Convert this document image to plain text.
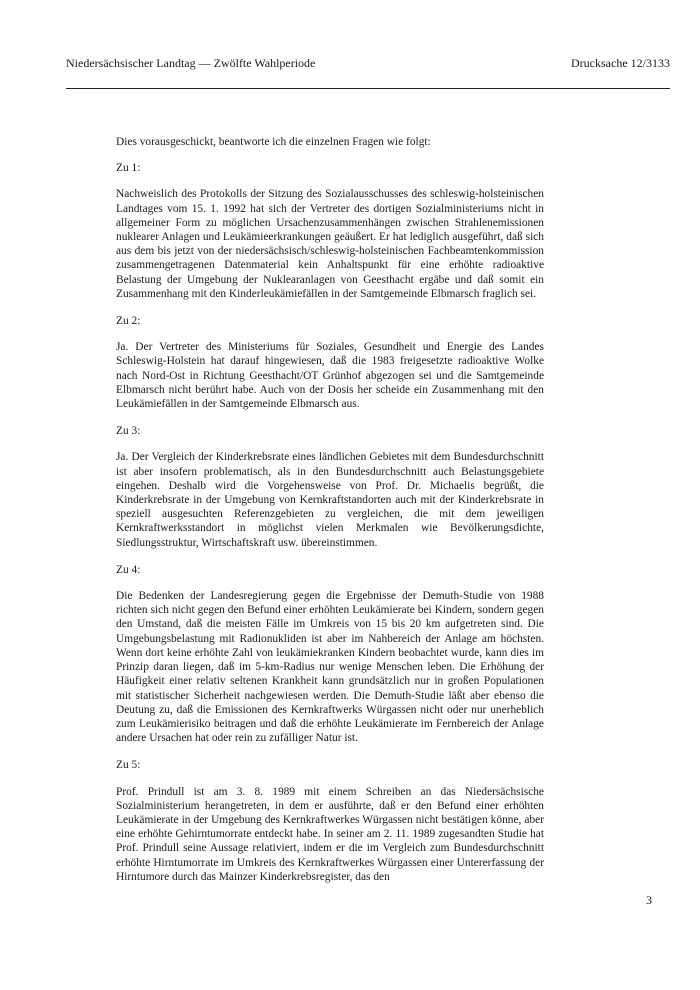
Niedersächsischer Landtag — Zwölfte Wahlperiode	Drucksache 12/3133

Dies vorausgeschickt, beantworte ich die einzelnen Fragen wie folgt:

Zu 1:

Nachweislich des Protokolls der Sitzung des Sozialausschusses des schleswig-holsteinischen Landtages vom 15. 1. 1992 hat sich der Vertreter des dortigen Sozialministeriums nicht in allgemeiner Form zu möglichen Ursachenzusammenhängen zwischen Strahlenemissionen nuklearer Anlagen und Leukämieerkrankungen geäußert. Er hat lediglich ausgeführt, daß sich aus dem bis jetzt von der niedersächsisch/schleswig-holsteinischen Fachbeamtenkommission zusammengetragenen Datenmaterial kein Anhaltspunkt für eine erhöhte radioaktive Belastung der Umgebung der Nuklearanlagen von Geesthacht ergäbe und daß somit ein Zusammenhang mit den Kinderleukämiefällen in der Samtgemeinde Elbmarsch fraglich sei.

Zu 2:

Ja. Der Vertreter des Ministeriums für Soziales, Gesundheit und Energie des Landes Schleswig-Holstein hat darauf hingewiesen, daß die 1983 freigesetzte radioaktive Wolke nach Nord-Ost in Richtung Geesthacht/OT Grünhof abgezogen sei und die Samtgemeinde Elbmarsch nicht berührt habe. Auch von der Dosis her scheide ein Zusammenhang mit den Leukämiefällen in der Samtgemeinde Elbmarsch aus.

Zu 3:

Ja. Der Vergleich der Kinderkrebsrate eines ländlichen Gebietes mit dem Bundesdurchschnitt ist aber insofern problematisch, als in den Bundesdurchschnitt auch Belastungsgebiete eingehen. Deshalb wird die Vorgehensweise von Prof. Dr. Michaelis begrüßt, die Kinderkrebsrate in der Umgebung von Kernkraftstandorten auch mit der Kinderkrebsrate in speziell ausgesuchten Referenzgebieten zu vergleichen, die mit dem jeweiligen Kernkraftwerksstandort in möglichst vielen Merkmalen wie Bevölkerungsdichte, Siedlungsstruktur, Wirtschaftskraft usw. übereinstimmen.

Zu 4:

Die Bedenken der Landesregierung gegen die Ergebnisse der Demuth-Studie von 1988 richten sich nicht gegen den Befund einer erhöhten Leukämierate bei Kindern, sondern gegen den Umstand, daß die meisten Fälle im Umkreis von 15 bis 20 km aufgetreten sind. Die Umgebungsbelastung mit Radionukliden ist aber im Nahbereich der Anlage am höchsten. Wenn dort keine erhöhte Zahl von leukämiekranken Kindern beobachtet wurde, kann dies im Prinzip daran liegen, daß im 5-km-Radius nur wenige Menschen leben. Die Erhöhung der Häufigkeit einer relativ seltenen Krankheit kann grundsätzlich nur in großen Populationen mit statistischer Sicherheit nachgewiesen werden. Die Demuth-Studie läßt aber ebenso die Deutung zu, daß die Emissionen des Kernkraftwerks Würgassen nicht oder nur unerheblich zum Leukämierisiko beitragen und daß die erhöhte Leukämierate im Fernbereich der Anlage andere Ursachen hat oder rein zu zufälliger Natur ist.

Zu 5:

Prof. Prindull ist am 3. 8. 1989 mit einem Schreiben an das Niedersächsische Sozialministerium herangetreten, in dem er ausführte, daß er den Befund einer erhöhten Leukämierate in der Umgebung des Kernkraftwerkes Würgassen nicht bestätigen könne, aber eine erhöhte Gehirntumorrate entdeckt habe. In seiner am 2. 11. 1989 zugesandten Studie hat Prof. Prindull seine Aussage relativiert, indem er die im Vergleich zum Bundesdurchschnitt erhöhte Hirntumorrate im Umkreis des Kernkraftwerkes Würgassen einer Untererfassung der Hirntumore durch das Mainzer Kinderkrebsregister, das den

3
